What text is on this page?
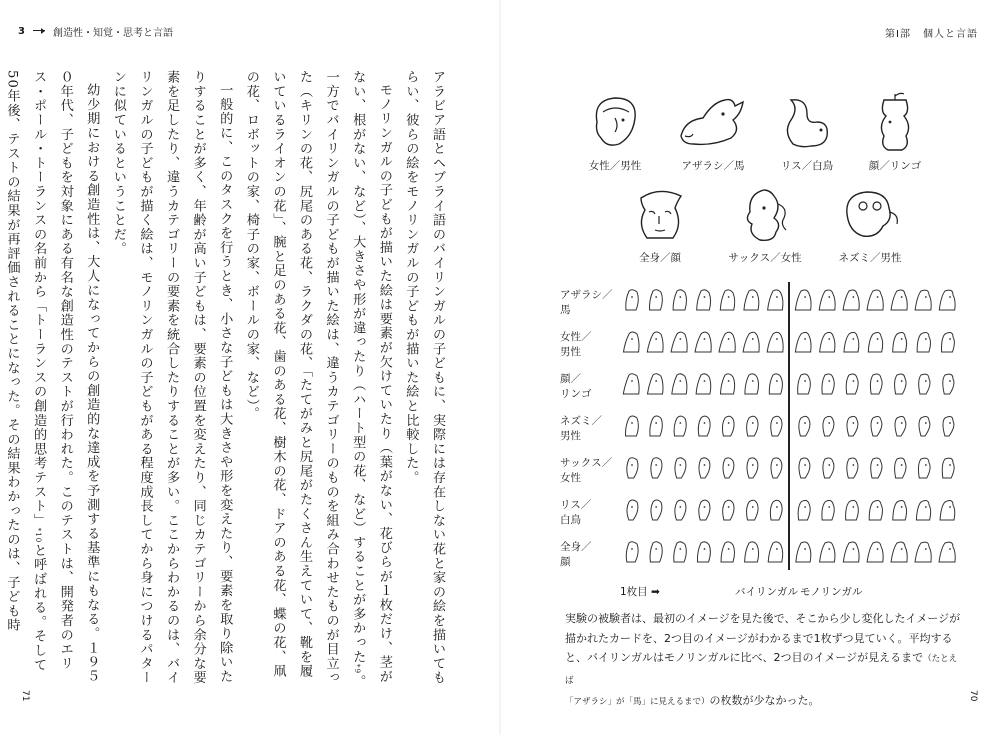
3	創造性・知覚・思考と言語	第Ⅰ部 個人と言語

アラビア語とヘブライ語のバイリンガルの子どもに、実際には存在しない花と家の絵を描いてもらい、彼らの絵をモノリンガルの子どもが描いた絵と比較した。

モノリンガルの子どもが描いた絵は要素が欠けていたり（葉がない、花びらが１枚だけ、茎がない、根がない、など）、大きさや形が違ったり（ハート型の花、など）することが多かった*9。一方でバイリンガルの子どもが描いた絵は、違うカテゴリーのものを組み合わせたものが目立った（キリンの花、尻尾のある花、ラクダの花、「たてがみと尻尾がたくさん生えていて、靴を履いているライオンの花」、腕と足のある花、歯のある花、樹木の花、ドアのある花、蝶の花、凧の花、ロボットの家、椅子の家、ボールの家、など）。

一般的に、このタスクを行うとき、小さな子どもは大きさや形を変えたり、要素を取り除いたりすることが多く、年齢が高い子どもは、要素の位置を変えたり、同じカテゴリーから余分な要素を足したり、違うカテゴリーの要素を統合したりすることが多い。ここからわかるのは、バイリンガルの子どもが描く絵は、モノリンガルの子どもがある程度成長してから身につけるパターンに似ているということだ。

幼少期における創造性は、大人になってからの創造的な達成を予測する基準にもなる。１９５０年代、子どもを対象にある有名な創造性のテストが行われた。このテストは、開発者のエリス・ポール・トーランスの名前から「トーランスの創造的思考テスト」*10と呼ばれる。そして50年後、テストの結果が再評価されることになった。その結果わかったのは、子ども時

71	70
女性／男性	アザラシ／馬	リス／白鳥	顔／リンゴ
全身／顔	サックス／女性	ネズミ／男性
アザラシ／
馬
女性／
男性
顔／
リンゴ
ネズミ／
男性
サックス／
女性
リス／
白鳥
全身／
顔
1枚目 ➡	バイリンガル モノリンガル
実験の被験者は、最初のイメージを見た後で、そこから少し変化したイメージが
描かれたカードを、2つ目のイメージがわかるまで1枚ずつ見ていく。平均する
と、バイリンガルはモノリンガルに比べ、2つ目のイメージが見えるまで（たとえば
「アザラシ」が「馬」に見えるまで）の枚数が少なかった。
